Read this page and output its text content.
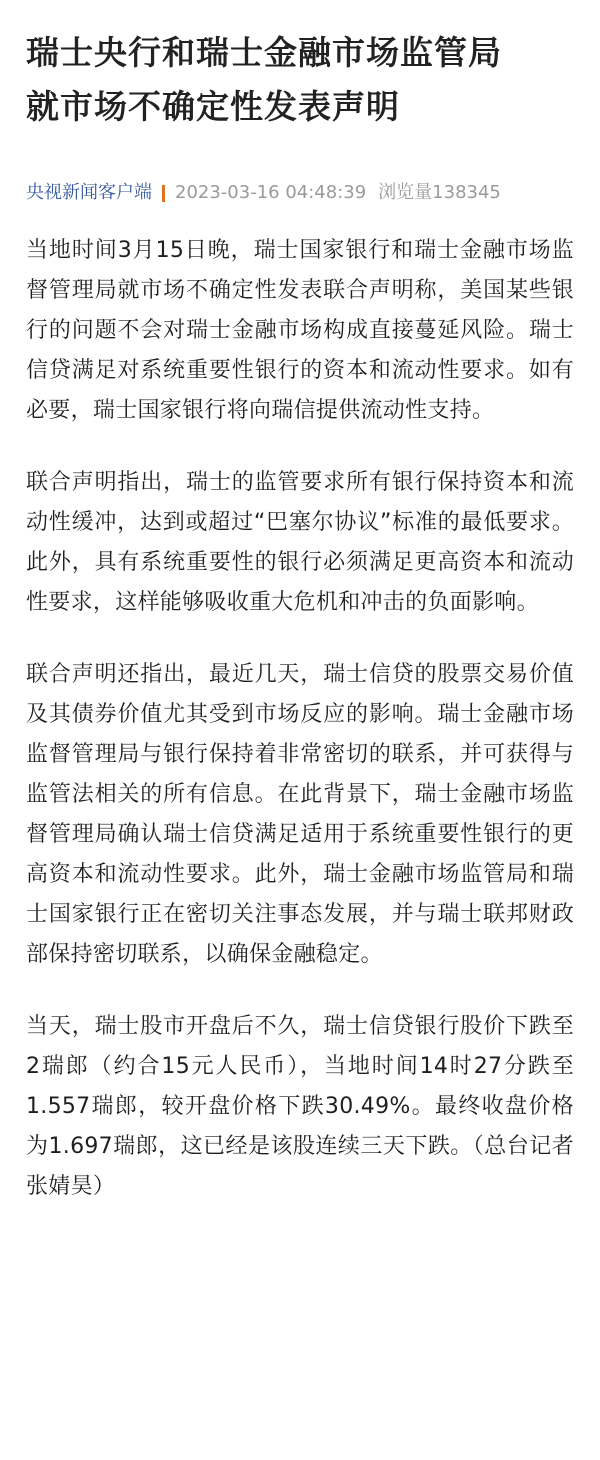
瑞士央行和瑞士金融市场监管局
就市场不确定性发表声明
央视新闻客户端 2023-03-16 04:48:39 浏览量138345

当地时间3月15日晚，瑞士国家银行和瑞士金融市场监督管理局就市场不确定性发表联合声明称，美国某些银行的问题不会对瑞士金融市场构成直接蔓延风险。瑞士信贷满足对系统重要性银行的资本和流动性要求。如有必要，瑞士国家银行将向瑞信提供流动性支持。

联合声明指出，瑞士的监管要求所有银行保持资本和流动性缓冲，达到或超过“巴塞尔协议”标准的最低要求。此外，具有系统重要性的银行必须满足更高资本和流动性要求，这样能够吸收重大危机和冲击的负面影响。

联合声明还指出，最近几天，瑞士信贷的股票交易价值及其债券价值尤其受到市场反应的影响。瑞士金融市场监督管理局与银行保持着非常密切的联系，并可获得与监管法相关的所有信息。在此背景下，瑞士金融市场监督管理局确认瑞士信贷满足适用于系统重要性银行的更高资本和流动性要求。此外，瑞士金融市场监管局和瑞士国家银行正在密切关注事态发展，并与瑞士联邦财政部保持密切联系，以确保金融稳定。

当天，瑞士股市开盘后不久，瑞士信贷银行股价下跌至2瑞郎（约合15元人民币），当地时间14时27分跌至1.557瑞郎，较开盘价格下跌30.49%。最终收盘价格为1.697瑞郎，这已经是该股连续三天下跌。（总台记者 张婧昊）
